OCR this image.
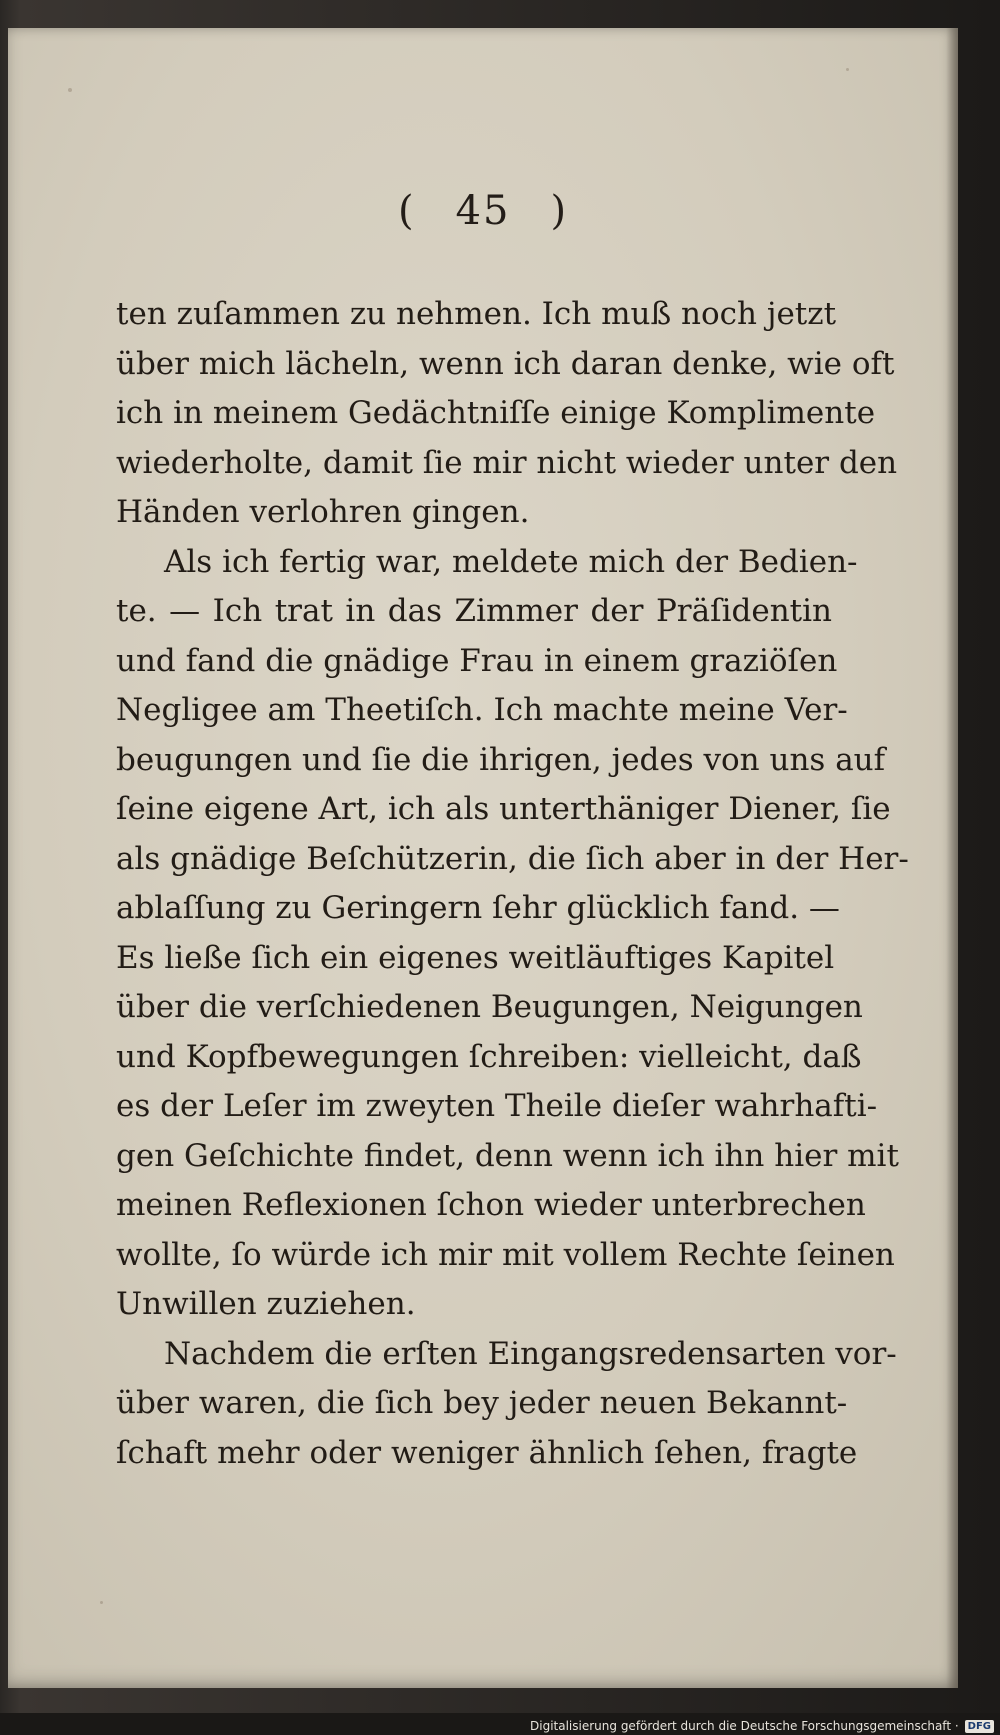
( 45 )
ten zuſammen zu nehmen. Ich muß noch jetzt
über mich lächeln, wenn ich daran denke, wie oft
ich in meinem Gedächtniſſe einige Komplimente
wiederholte, damit ſie mir nicht wieder unter den
Händen verlohren gingen.
Als ich fertig war, meldete mich der Bedien-
te. — Ich trat in das Zimmer der Präſidentin
und fand die gnädige Frau in einem graziöſen
Negligee am Theetiſch. Ich machte meine Ver-
beugungen und ſie die ihrigen, jedes von uns auf
ſeine eigene Art, ich als unterthäniger Diener, ſie
als gnädige Beſchützerin, die ſich aber in der Her-
ablaſſung zu Geringern ſehr glücklich fand. —
Es ließe ſich ein eigenes weitläuftiges Kapitel
über die verſchiedenen Beugungen, Neigungen
und Kopfbewegungen ſchreiben: vielleicht, daß
es der Leſer im zweyten Theile dieſer wahrhafti-
gen Geſchichte findet, denn wenn ich ihn hier mit
meinen Reflexionen ſchon wieder unterbrechen
wollte, ſo würde ich mir mit vollem Rechte ſeinen
Unwillen zuziehen.
Nachdem die erſten Eingangsredensarten vor-
über waren, die ſich bey jeder neuen Bekannt-
ſchaft mehr oder weniger ähnlich ſehen, fragte
Digitalisierung gefördert durch die Deutsche Forschungsgemeinschaft · DFG
